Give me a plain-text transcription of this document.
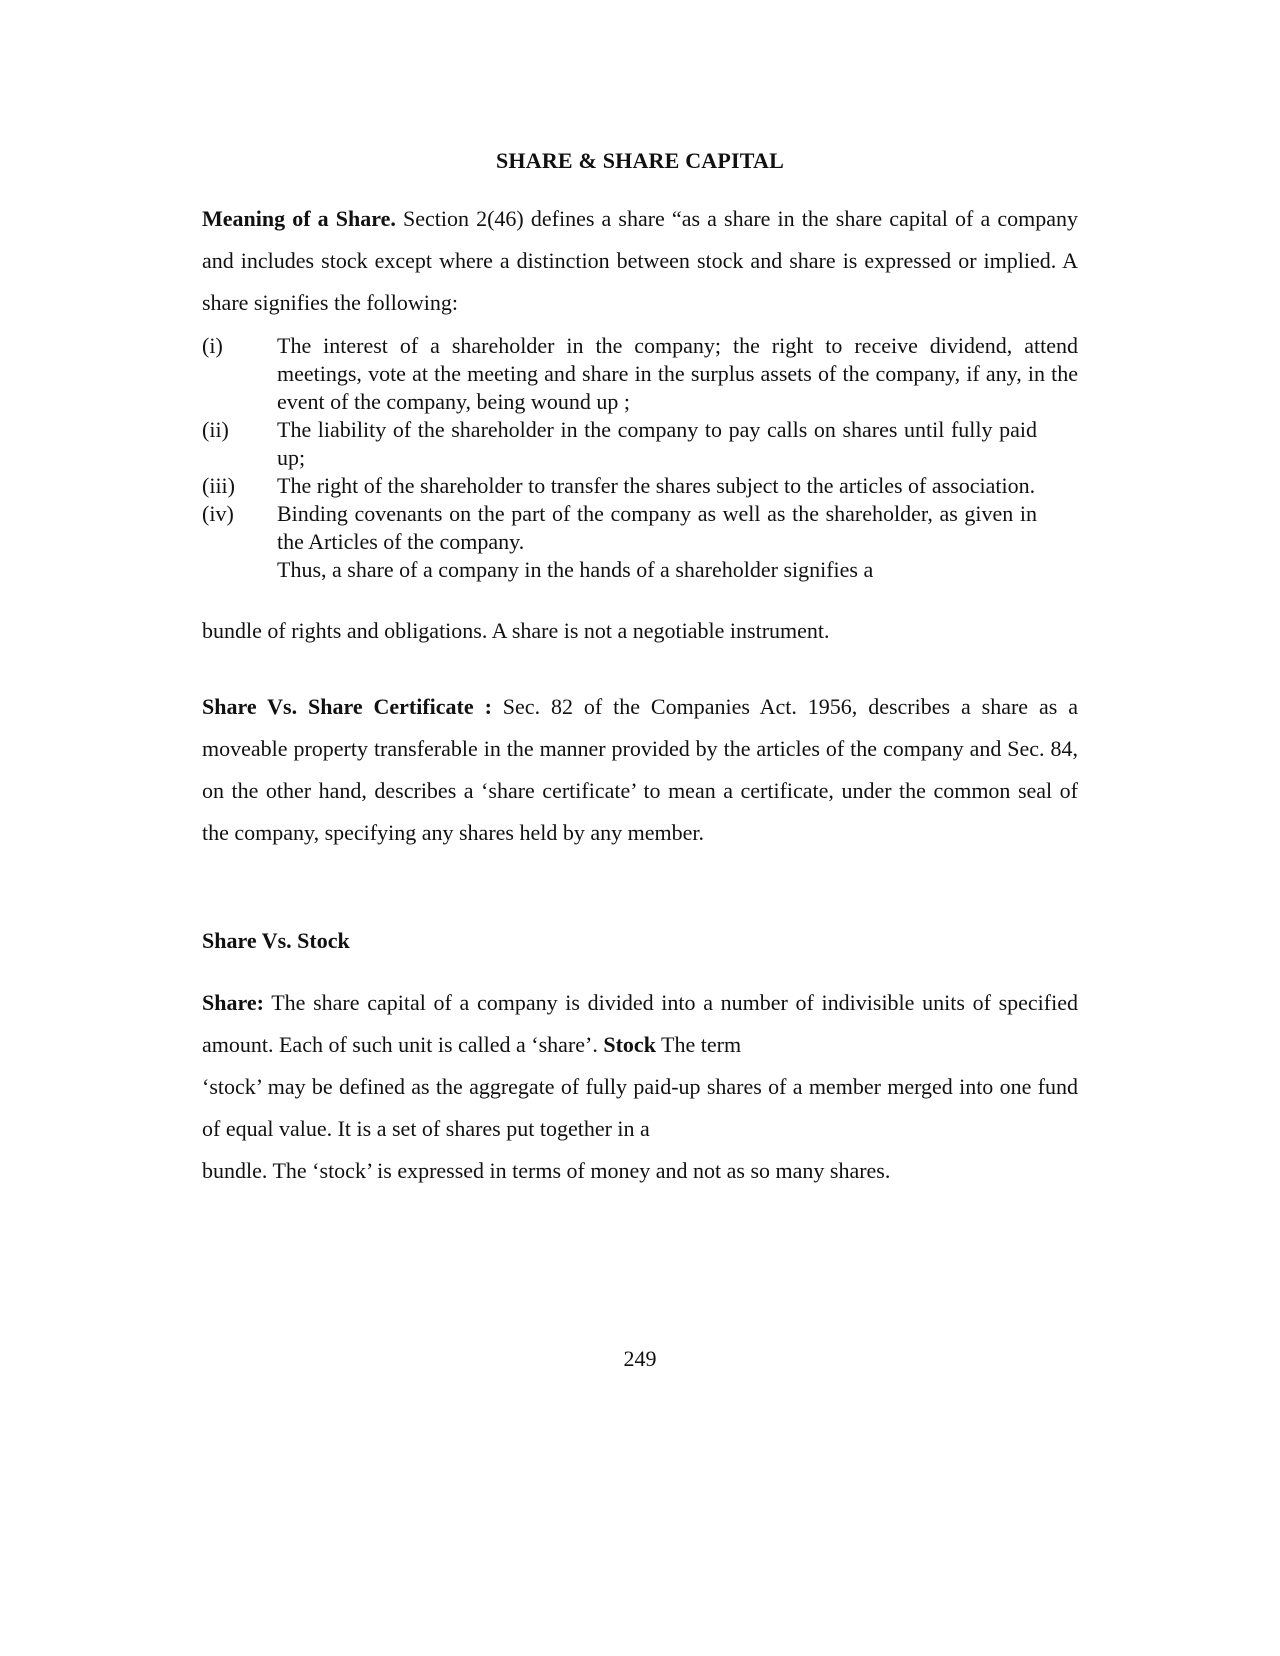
SHARE & SHARE CAPITAL

Meaning of a Share. Section 2(46) defines a share “as a share in the share capital of a company and includes stock except where a distinction between stock and share is expressed or implied. A share signifies the following:

(i)	The interest of a shareholder in the company; the right to receive dividend, attend meetings, vote at the meeting and share in the surplus assets of the company, if any, in the event of the company, being wound up ;
(ii)	The liability of the shareholder in the company to pay calls on shares until fully paid up;
(iii)	The right of the shareholder to transfer the shares subject to the articles of association.
(iv)	Binding covenants on the part of the company as well as the shareholder, as given in the Articles of the company.
Thus, a share of a company in the hands of a shareholder signifies a

bundle of rights and obligations. A share is not a negotiable instrument.

Share Vs. Share Certificate : Sec. 82 of the Companies Act. 1956, describes a share as a moveable property transferable in the manner provided by the articles of the company and Sec. 84, on the other hand, describes a ‘share certificate’ to mean a certificate, under the common seal of the company, specifying any shares held by any member.

Share Vs. Stock

Share: The share capital of a company is divided into a number of indivisible units of specified amount. Each of such unit is called a ‘share’. Stock The term
‘stock’ may be defined as the aggregate of fully paid-up shares of a member merged into one fund of equal value. It is a set of shares put together in a
bundle. The ‘stock’ is expressed in terms of money and not as so many shares.

249
